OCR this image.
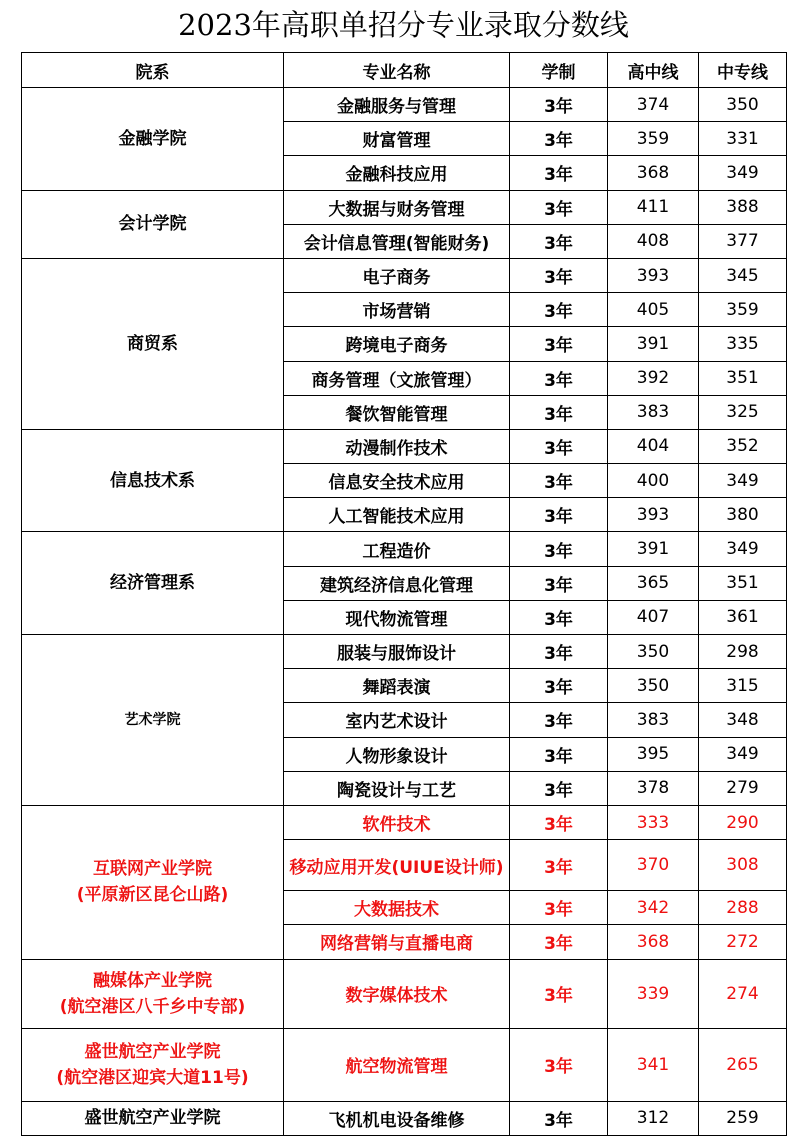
2023年高职单招分专业录取分数线
院系	专业名称	学制	高中线	中专线

金融学院	金融服务与管理	3年	374	350
	财富管理	3年	359	331
	金融科技应用	3年	368	349

会计学院	大数据与财务管理	3年	411	388
	会计信息管理(智能财务)	3年	408	377

商贸系	电子商务	3年	393	345
	市场营销	3年	405	359
	跨境电子商务	3年	391	335
	商务管理（文旅管理）	3年	392	351
	餐饮智能管理	3年	383	325

信息技术系	动漫制作技术	3年	404	352
	信息安全技术应用	3年	400	349
	人工智能技术应用	3年	393	380

经济管理系	工程造价	3年	391	349
	建筑经济信息化管理	3年	365	351
	现代物流管理	3年	407	361

艺术学院	服装与服饰设计	3年	350	298
	舞蹈表演	3年	350	315
	室内艺术设计	3年	383	348
	人物形象设计	3年	395	349
	陶瓷设计与工艺	3年	378	279

互联网产业学院
(平原新区昆仑山路)	软件技术	3年	333	290
	移动应用开发(UIUE设计师)	3年	370	308
	大数据技术	3年	342	288
	网络营销与直播电商	3年	368	272

融媒体产业学院
(航空港区八千乡中专部)	数字媒体技术	3年	339	274

盛世航空产业学院
(航空港区迎宾大道11号)	航空物流管理	3年	341	265

盛世航空产业学院	飞机机电设备维修	3年	312	259
